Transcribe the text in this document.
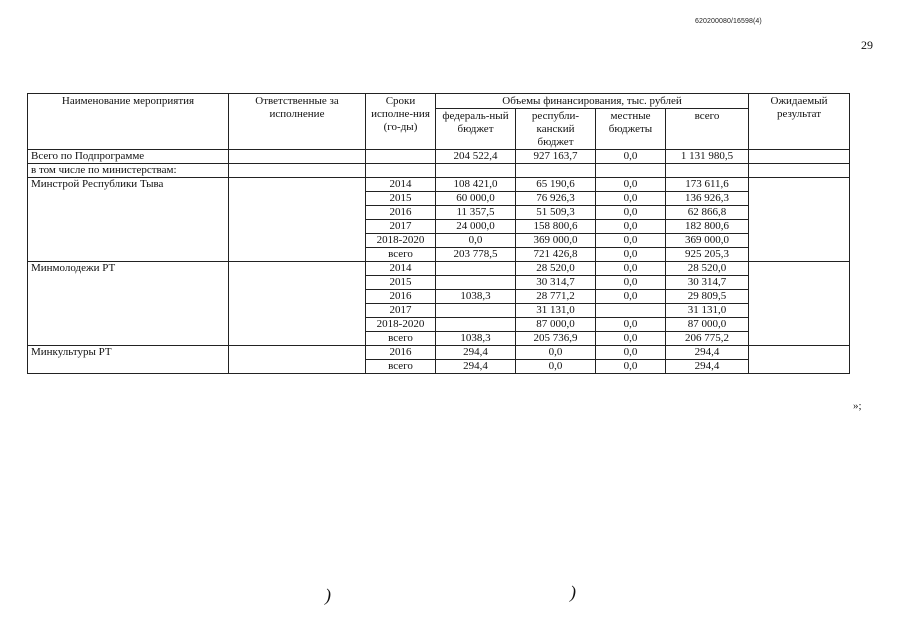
620200080/16598(4)
29
Наименование мероприятия	Ответственные за исполнение	Сроки исполне-ния (го-ды)	Объемы финансирования, тыс. рублей				Ожидаемый результат
			федераль-ный бюджет	республи-канский бюджет	местные бюджеты	всего	
Всего по Подпрограмме			204 522,4	927 163,7	0,0	1 131 980,5	
в том числе по министерствам:							
Минстрой Республики Тыва		2014	108 421,0	65 190,6	0,0	173 611,6	
		2015	60 000,0	76 926,3	0,0	136 926,3	
		2016	11 357,5	51 509,3	0,0	62 866,8	
		2017	24 000,0	158 800,6	0,0	182 800,6	
		2018-2020	0,0	369 000,0	0,0	369 000,0	
		всего	203 778,5	721 426,8	0,0	925 205,3	
Минмолодежи РТ		2014		28 520,0	0,0	28 520,0	
		2015		30 314,7	0,0	30 314,7	
		2016	1038,3	28 771,2	0,0	29 809,5	
		2017		31 131,0		31 131,0	
		2018-2020		87 000,0	0,0	87 000,0	
		всего	1038,3	205 736,9	0,0	206 775,2	
Минкультуры РТ		2016	294,4	0,0	0,0	294,4	
		всего	294,4	0,0	0,0	294,4	
»;
)	)
